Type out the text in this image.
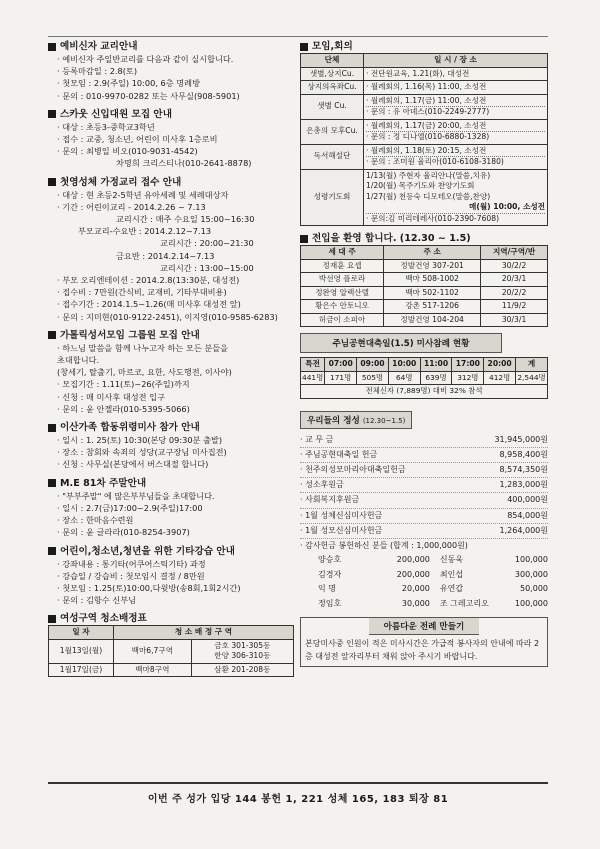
예비신자 교리안내
· 예비신자 주일반교리를 다음과 같이 실시합니다.
· 등록마감일 : 2.8(토)
· 첫모임 : 2.9(주일) 10:00, 6층 명례방
· 문의 : 010-9970-0282 또는 사무실(908-5901)
스카웃 신입대원 모집 안내
· 대상 : 초등3-중학교3학년
· 접수 : 교중, 청소년, 어린이 미사후 1층로비
· 문의 : 최병일 비오(010-9031-4542)
차명희 크리스티나(010-2641-8878)
첫영성체 가정교리 접수 안내
· 대상 : 현 초등2-5학년 유아세례 및 세례대상자
· 기간 : 어린이교리 - 2014.2.26 ~ 7.13
교리시간 : 매주 수요일 15:00~16:30
부모교리-수요반 : 2014.2.12~7.13
교리시간 : 20:00~21:30
금요반 : 2014.2.14~7.13
교리시간 : 13:00~15:00
· 부모 오리엔테이션 : 2014.2.8(13:30분, 대성전)
· 접수비 : 7만원(간식비, 교재비, 기타부대비용)
· 접수기간 : 2014.1.5~1.26(매 미사후 대성전 앞)
· 문의 : 지미현(010-9122-2451), 이지영(010-9585-6283)
가톨릭성서모임 그룹원 모집 안내
· 하느님 말씀을 함께 나누고자 하는 모든 분들을
초대합니다.
(창세기, 탈출기, 마르코, 요한, 사도행전, 이사야)
· 모집기간 : 1.11(토)~26(주일)까지
· 신청 : 매 미사후 대성전 입구
· 문의 : 윤 안젤라(010-5395-5066)
이산가족 합동위령미사 참가 안내
· 일시 : 1. 25(토) 10:30(본당 09:30분 출발)
· 장소 : 참회와 속죄의 성당(교구장님 미사집전)
· 신청 : 사무실(본당에서 버스대절 합니다)
M.E 81차 주말안내
· "부부주말" 에 많은부부님들을 초대합니다.
· 일시 : 2.7(금)17:00~2.9(주일)17:00
· 장소 : 한마음수련원
· 문의 : 윤 글라라(010-8254-3907)
어린이,청소년,청년을 위한 기타강습 안내
· 강좌내용 : 통기타(어쿠어스틱기타) 과정
· 강습일 / 강습비 : 첫모임시 결정 / 8만원
· 첫모임 : 1.25(토)10:00,다윗방(송8회,1회2시간)
· 문의 : 김항수 신부님
여성구역 청소배정표
일 자	청 소 배 정 구 역	
1월13일(월)	백마6,7구역	금호 301-305동
한양 306-310동
1월17일(금)	백마8구역	삼환 201-208동
모임,회의
단체	일 시 / 장 소
샛별,상지Cu.	· 전단원교육, 1.21(화), 대성전

상지의옥좌Cu.	· 월례회의, 1.16(목) 11:00, 소성전

샛별 Cu.	· 월례회의, 1.17(금) 11:00, 소성전
· 문의 : 유 아녜스(010-2249-2777)

은총의 모후Cu.	· 월례회의, 1.17(금) 20:00, 소성전
· 문의 : 정 디나엘(010-6880-1328)

독서해설단	· 월례회의, 1.18(토) 20:15, 소성전
· 문의 : 조미원 율리아(010-6108-3180)

성령기도회	1/13(월) 주현자 율리안나(말씀,치유)
1/20(월) 목주기도와 찬양기도회
1/27(월) 천등숙 디모테오(말씀,찬양)
매(월) 10:00, 소성전
· 문의:김 미리데레사(010-2390-7608)
전입을 환영 합니다. (12.30 ~ 1.5)
세 대 주	주 소	지역/구역/반
정재훈 요셉	정발건영 307-201	30/2/2
박선영 플로라	백마 508-1002	20/3/1
정완영 알렉산델	백마 502-1102	20/2/2
황은수 안토니오	강촌 517-1206	11/9/2
허금이 소피아	정발건영 104-204	30/3/1
주님공현대축일(1.5) 미사참례 현황
특전	07:00	09:00	10:00	11:00	17:00	20:00	계
441명	171명	505명	64명	639명	312명	412명	2,544명
전체신자 (7,889명) 대비 32% 참석							
우리들의 정성 (12.30~1.5)
· 교 무 금	31,945,000원
· 주님공현대축일 헌금	8,958,400원
· 천주의성모마리아대축일헌금	8,574,350원
· 성소후원금	1,283,000원
· 사회복지후원금	400,000원
· 1월 성체신심미사헌금	854,000원
· 1월 성모신심미사헌금	1,264,000원
· 감사헌금 봉헌하신 분들 (합계 : 1,000,000원)
양승호	200,000	신동욱	100,000
김경자	200,000	최인섭	300,000
익 명	20,000	유연갑	50,000
정임호	30,000	조 그레고리오	100,000
아름다운 전례 만들기
본당미사중 인원이 적은 미사시간은 가급적 봉사자의 안내에 따라 2층 대성전 앞자리부터 채워 앉아 주시기 바랍니다.
이번 주 성가 입당 144 봉헌 1, 221 성체 165, 183 퇴장 81
